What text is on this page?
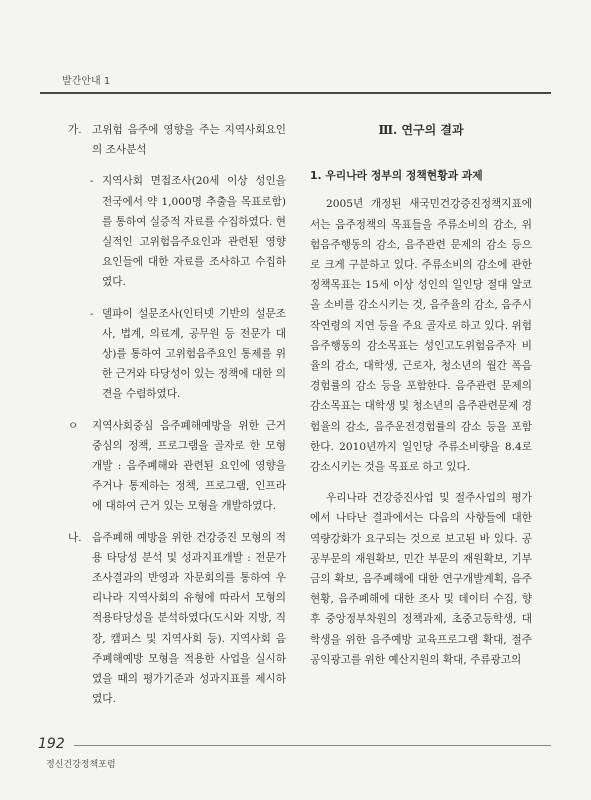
발간안내 1
가. 고위험 음주에 영향을 주는 지역사회요인의 조사분석
- 지역사회 면접조사(20세 이상 성인을 전국에서 약 1,000명 추출을 목표로함)를 통하여 실증적 자료를 수집하였다. 현실적인 고위험음주요인과 관련된 영향요인들에 대한 자료를 조사하고 수집하였다.
- 델파이 설문조사(인터넷 기반의 설문조사, 법계, 의료계, 공무원 등 전문가 대상)를 통하여 고위험음주요인 통제를 위한 근거와 타당성이 있는 정책에 대한 의견을 수렴하였다.
ㅇ 지역사회중심 음주폐해예방을 위한 근거중심의 정책, 프로그램을 골자로 한 모형 개발 : 음주폐해와 관련된 요인에 영향을 주거나 통제하는 정책, 프로그램, 인프라에 대하여 근거 있는 모형을 개발하였다.
나. 음주폐해 예방을 위한 건강증진 모형의 적용 타당성 분석 및 성과지표개발 : 전문가 조사결과의 반영과 자문회의를 통하여 우리나라 지역사회의 유형에 따라서 모형의 적용타당성을 분석하였다(도시와 지방, 직장, 캠퍼스 및 지역사회 등). 지역사회 음주폐해예방 모형을 적용한 사업을 실시하였을 때의 평가기준과 성과지표를 제시하였다.
Ⅲ. 연구의 결과
1. 우리나라 정부의 정책현황과 과제

2005년 개정된 새국민건강증진정책지표에서는 음주정책의 목표들을 주류소비의 감소, 위험음주행동의 감소, 음주관련 문제의 감소 등으로 크게 구분하고 있다. 주류소비의 감소에 관한 정책목표는 15세 이상 성인의 일인당 절대 알코올 소비를 감소시키는 것, 음주율의 감소, 음주시작연령의 지연 등을 주요 골자로 하고 있다. 위험음주행동의 감소목표는 성인고도위험음주자 비율의 감소, 대학생, 근로자, 청소년의 월간 폭음경험률의 감소 등을 포함한다. 음주관련 문제의 감소목표는 대학생 및 청소년의 음주관련문제 경험율의 감소, 음주운전경험률의 감소 등을 포함한다. 2010년까지 일인당 주류소비량을 8.4로 감소시키는 것을 목표로 하고 있다.

우리나라 건강증진사업 및 절주사업의 평가에서 나타난 결과에서는 다음의 사항들에 대한 역량강화가 요구되는 것으로 보고된 바 있다. 공공부문의 재원확보, 민간 부문의 재원확보, 기부금의 확보, 음주폐해에 대한 연구개발계획, 음주현황, 음주폐해에 대한 조사 및 데이터 수집, 향후 중앙정부차원의 정책과제, 초중고등학생, 대학생을 위한 음주예방 교육프로그램 확대, 절주공익광고를 위한 예산지원의 확대, 주류광고의

192
정신건강정책포럼
